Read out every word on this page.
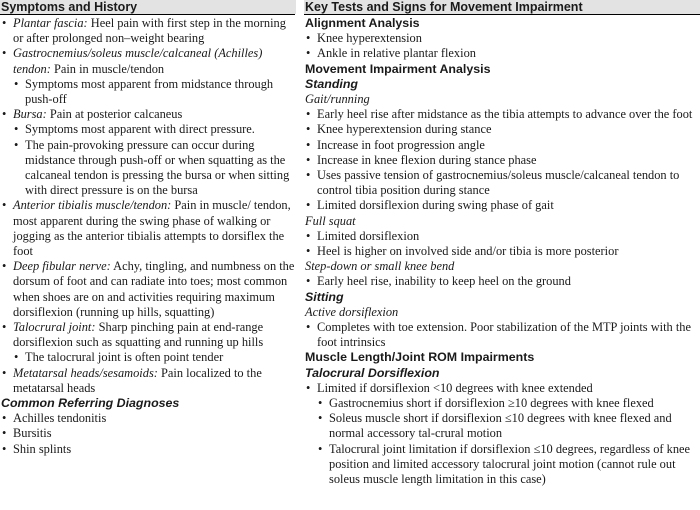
Symptoms and History	Key Tests and Signs for Movement Impairment
• Plantar fascia: Heel pain with first step in the morning or after prolonged non–weight bearing
• Gastrocnemius/soleus muscle/calcaneal (Achilles) tendon: Pain in muscle/tendon
• Symptoms most apparent from midstance through push-off
• Bursa: Pain at posterior calcaneus
• Symptoms most apparent with direct pressure.
• The pain-provoking pressure can occur during midstance through push-off or when squatting as the calcaneal tendon is pressing the bursa or when sitting with direct pressure is on the bursa
• Anterior tibialis muscle/tendon: Pain in muscle/ tendon, most apparent during the swing phase of walking or jogging as the anterior tibialis attempts to dorsiflex the foot
• Deep fibular nerve: Achy, tingling, and numbness on the dorsum of foot and can radiate into toes; most common when shoes are on and activities requiring maximum dorsiflexion (running up hills, squatting)
• Talocrural joint: Sharp pinching pain at end-range dorsiflexion such as squatting and running up hills
• The talocrural joint is often point tender
• Metatarsal heads/sesamoids: Pain localized to the metatarsal heads
Common Referring Diagnoses
• Achilles tendonitis
• Bursitis
• Shin splints
Alignment Analysis
• Knee hyperextension
• Ankle in relative plantar flexion
Movement Impairment Analysis
Standing
Gait/running
• Early heel rise after midstance as the tibia attempts to advance over the foot
• Knee hyperextension during stance
• Increase in foot progression angle
• Increase in knee flexion during stance phase
• Uses passive tension of gastrocnemius/soleus muscle/calcaneal tendon to control tibia position during stance
• Limited dorsiflexion during swing phase of gait
Full squat
• Limited dorsiflexion
• Heel is higher on involved side and/or tibia is more posterior
Step-down or small knee bend
• Early heel rise, inability to keep heel on the ground
Sitting
Active dorsiflexion
• Completes with toe extension. Poor stabilization of the MTP joints with the foot intrinsics
Muscle Length/Joint ROM Impairments
Talocrural Dorsiflexion
• Limited if dorsiflexion <10 degrees with knee extended
• Gastrocnemius short if dorsiflexion ≥10 degrees with knee flexed
• Soleus muscle short if dorsiflexion ≤10 degrees with knee flexed and normal accessory tal-crural motion
• Talocrural joint limitation if dorsiflexion ≤10 degrees, regardless of knee position and limited accessory talocrural joint motion (cannot rule out soleus muscle length limitation in this case)
